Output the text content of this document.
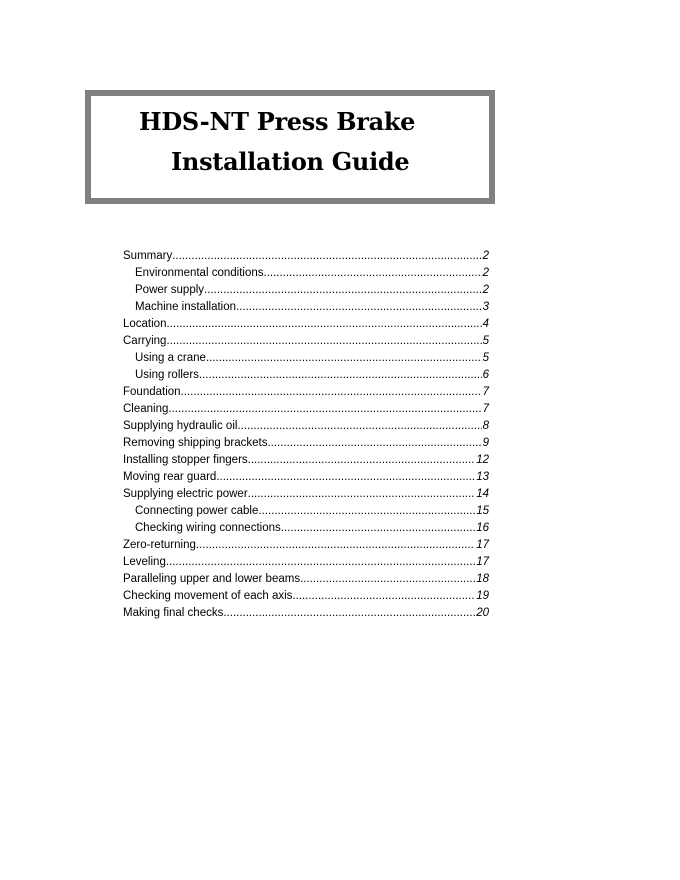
HDS-NT Press Brake
Installation Guide
Summary .....	2
Environmental conditions .....	2
Power supply .....	2
Machine installation .....	3
Location .....	4
Carrying .....	5
Using a crane .....	5
Using rollers .....	6
Foundation .....	7
Cleaning .....	7
Supplying hydraulic oil .....	8
Removing shipping brackets .....	9
Installing stopper fingers .....	12
Moving rear guard .....	13
Supplying electric power .....	14
Connecting power cable .....	15
Checking wiring connections .....	16
Zero-returning .....	17
Leveling .....	17
Paralleling upper and lower beams .....	18
Checking movement of each axis .....	19
Making final checks .....	20
